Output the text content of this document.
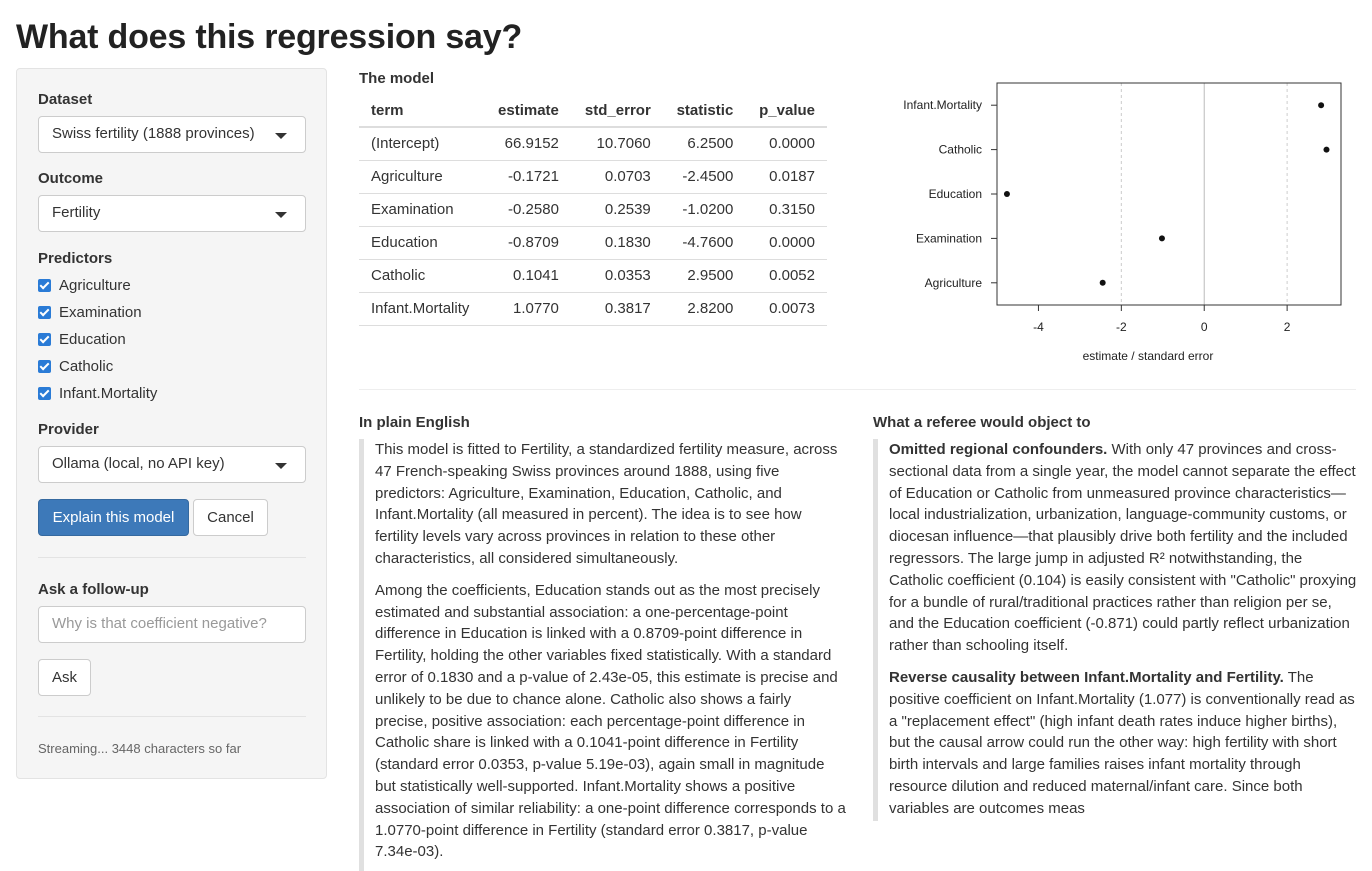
What does this regression say?
Dataset
Swiss fertility (1888 provinces)
Outcome
Fertility
Predictors
Agriculture
Examination
Education
Catholic
Infant.Mortality
Provider
Ollama (local, no API key)
Explain this model	Cancel
Ask a follow-up
Why is that coefficient negative?
Ask
Streaming... 3448 characters so far
The model
term	estimate	std_error	statistic	p_value
(Intercept)	66.9152	10.7060	6.2500	0.0000
Agriculture	-0.1721	0.0703	-2.4500	0.0187
Examination	-0.2580	0.2539	-1.0200	0.3150
Education	-0.8709	0.1830	-4.7600	0.0000
Catholic	0.1041	0.0353	2.9500	0.0052
Infant.Mortality	1.0770	0.3817	2.8200	0.0073
Infant.Mortality
Catholic
Education
Examination
Agriculture
-4	-2	0	2
estimate / standard error
In plain English

This model is fitted to Fertility, a standardized fertility measure, across 47 French-speaking Swiss provinces around 1888, using five predictors: Agriculture, Examination, Education, Catholic, and Infant.Mortality (all measured in percent). The idea is to see how fertility levels vary across provinces in relation to these other characteristics, all considered simultaneously.

Among the coefficients, Education stands out as the most precisely estimated and substantial association: a one-percentage-point difference in Education is linked with a 0.8709-point difference in Fertility, holding the other variables fixed statistically. With a standard error of 0.1830 and a p-value of 2.43e-05, this estimate is precise and unlikely to be due to chance alone. Catholic also shows a fairly precise, positive association: each percentage-point difference in Catholic share is linked with a 0.1041-point difference in Fertility (standard error 0.0353, p-value 5.19e-03), again small in magnitude but statistically well-supported. Infant.Mortality shows a positive association of similar reliability: a one-point difference corresponds to a 1.0770-point difference in Fertility (standard error 0.3817, p-value 7.34e-03).

What a referee would object to

Omitted regional confounders. With only 47 provinces and cross-sectional data from a single year, the model cannot separate the effect of Education or Catholic from unmeasured province characteristics—local industrialization, urbanization, language-community customs, or diocesan influence—that plausibly drive both fertility and the included regressors. The large jump in adjusted R² notwithstanding, the Catholic coefficient (0.104) is easily consistent with "Catholic" proxying for a bundle of rural/traditional practices rather than religion per se, and the Education coefficient (-0.871) could partly reflect urbanization rather than schooling itself.

Reverse causality between Infant.Mortality and Fertility. The positive coefficient on Infant.Mortality (1.077) is conventionally read as a "replacement effect" (high infant death rates induce higher births), but the causal arrow could run the other way: high fertility with short birth intervals and large families raises infant mortality through resource dilution and reduced maternal/infant care. Since both variables are outcomes meas
